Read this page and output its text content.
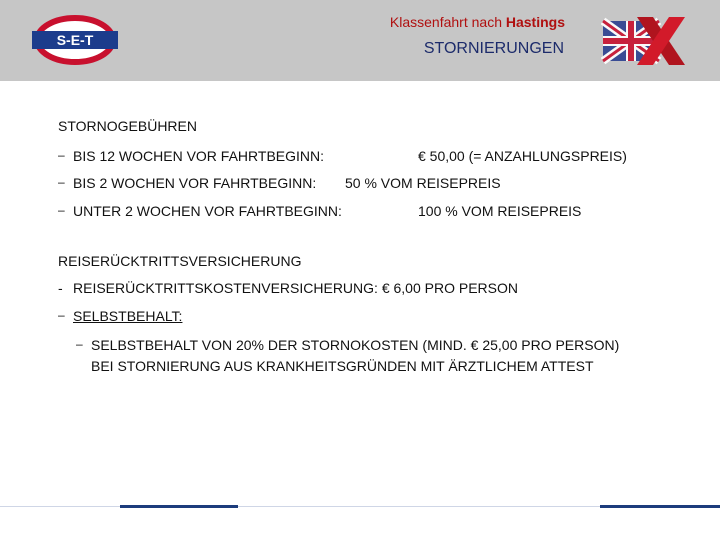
S-E-T
Klassenfahrt nach Hastings
STORNIERUNGEN
STORNOGEBÜHREN
– BIS 12 WOCHEN VOR FAHRTBEGINN:	€ 50,00 (= ANZAHLUNGSPREIS)
– BIS 2 WOCHEN VOR FAHRTBEGINN: 50 % VOM REISEPREIS
– UNTER 2 WOCHEN VOR FAHRTBEGINN:	100 % VOM REISEPREIS
REISERÜCKTRITTSVERSICHERUNG
- REISERÜCKTRITTSKOSTENVERSICHERUNG: € 6,00 PRO PERSON
– SELBSTBEHALT:
– SELBSTBEHALT VON 20% DER STORNOKOSTEN (MIND. € 25,00 PRO PERSON)
BEI STORNIERUNG AUS KRANKHEITSGRÜNDEN MIT ÄRZTLICHEM ATTEST
